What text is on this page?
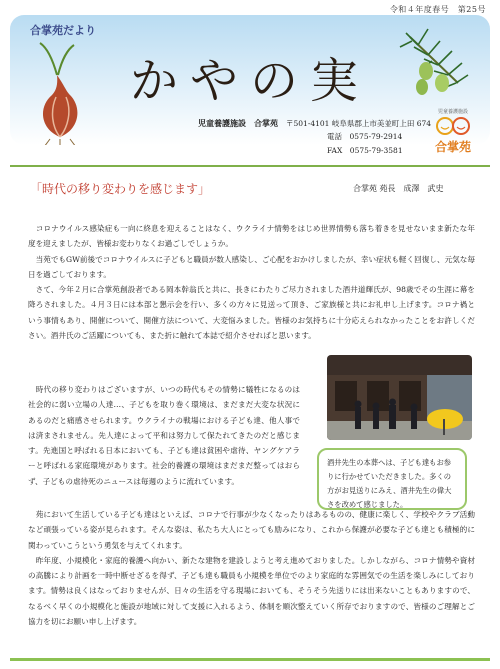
令和４年度春号　第25号
合掌苑だより
かやの実
児童養護施設　合掌苑 〒501-4101 岐阜県郡上市美並町上田 674
電話　0575-79-2914
FAX　0575-79-3581
児童養護施設
合掌苑
「時代の移り変わりを感じます」	合掌苑 苑長　成澤　武史
　コロナウイルス感染症も一向に終息を迎えることはなく、ウクライナ情勢をはじめ世界情勢も落ち着きを見せないまま新たな年度を迎えましたが、皆様お変わりなくお過ごしでしょうか。
　当苑でもGW前後でコロナウイルスに子どもと職員が数人感染し、ご心配をおかけしましたが、幸い症状も軽く回復し、元気な毎日を過ごしております。
　さて、今年２月に合掌苑創設者である岡本幹翁氏と共に、長きにわたりご尽力されました酒井道輝氏が、98歳でその生涯に幕を降ろされました。４月３日には本部と懇示会を行い、多くの方々に見送って頂き、ご家族様と共にお礼申し上げます。コロナ禍という事情もあり、開催について、開催方法について、大変悩みました。皆様のお気持ちに十分応えられなかったことをお許しください。酒井氏のご活躍についても、また折に触れて本誌で紹介させればと思います。
　時代の移り変わりはございますが、いつの時代もその情勢に犠牲になるのは社会的に弱い立場の人達…、子どもを取り巻く環境は、まだまだ大変な状況にあるのだと痛感させられます。ウクライナの戦場における子ども達、他人事では済まされません。先人達によって平和は努力して保たれてきたのだと感じます。先進国と呼ばれる日本においても、子ども達は貧困や虐待、ヤングケアラーと呼ばれる家庭環境があります。社会的養護の環境はまだまだ整ってはおらず、子どもの虐待死のニュースは毎週のように流れています。
酒井先生の本葬へは、子ども達もお参りに行かせていただきました。多くの方がお見送りにみえ、酒井先生の偉大さを改めて感じました。
　苑において生活している子ども達はといえば、コロナで行事が少なくなったりはあるものの、健康に楽しく、学校やクラブ活動など頑張っている姿が見られます。そんな姿は、私たち大人にとっても励みになり、これから保護が必要な子ども達とも積極的に関わっていこうという勇気を与えてくれます。
　昨年度、小規模化・家庭的養護へ向かい、新たな建物を建設しようと考え進めておりました。しかしながら、コロナ情勢や資材の高騰により計画を一時中断せざるを得ず、子ども達も職員も小規模を単位でのより家庭的な雰囲気での生活を楽しみにしております。情勢は良くはなっておりませんが、日々の生活を守る現場においても、そうそう先送りには出来ないこともありますので、なるべく早くの小規模化と施設が地域に対して支援に入れるよう、体制を順次整えていく所存でおりますので、皆様のご理解とご協力を切にお願い申し上げます。
